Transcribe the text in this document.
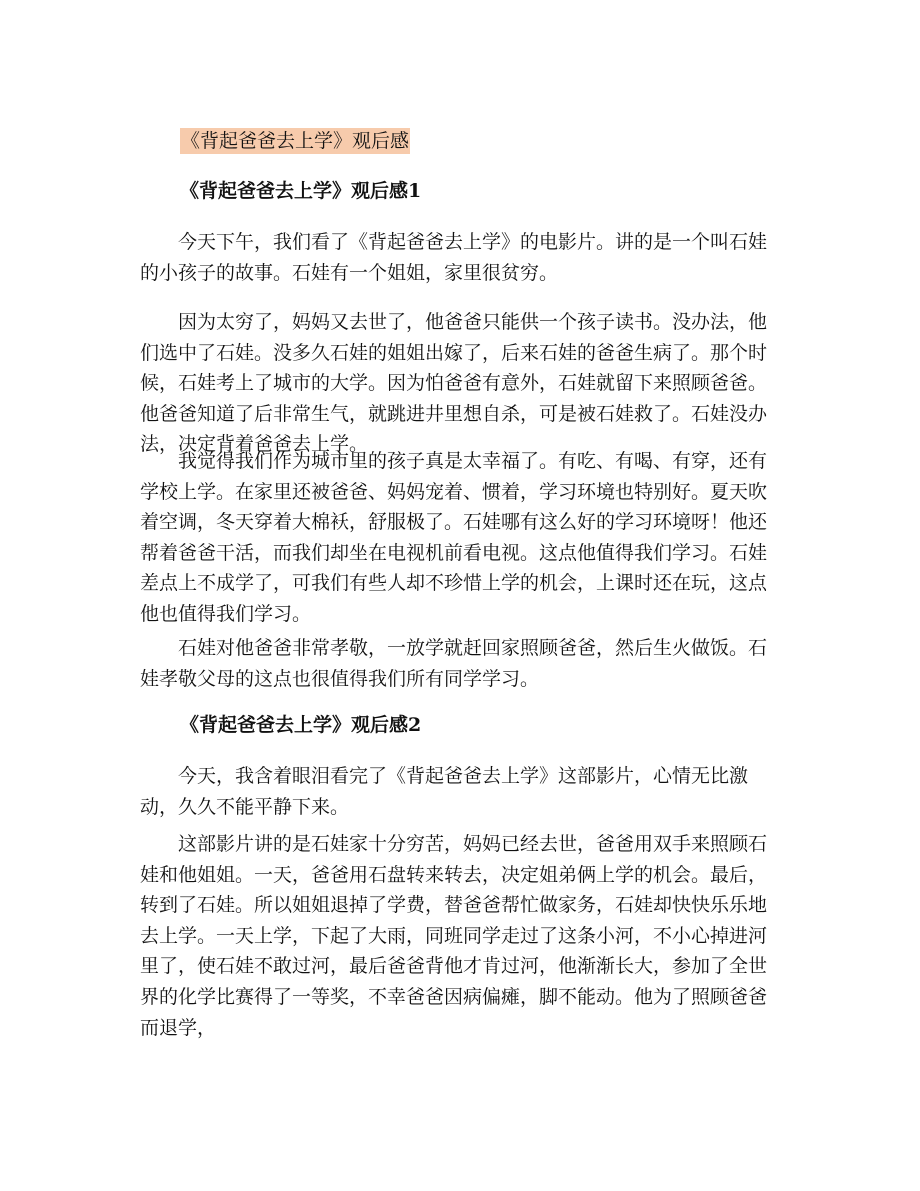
《背起爸爸去上学》观后感
《背起爸爸去上学》观后感1

今天下午，我们看了《背起爸爸去上学》的电影片。讲的是一个叫石娃的小孩子的故事。石娃有一个姐姐，家里很贫穷。

因为太穷了，妈妈又去世了，他爸爸只能供一个孩子读书。没办法，他们选中了石娃。没多久石娃的姐姐出嫁了，后来石娃的爸爸生病了。那个时候，石娃考上了城市的大学。因为怕爸爸有意外，石娃就留下来照顾爸爸。他爸爸知道了后非常生气，就跳进井里想自杀，可是被石娃救了。石娃没办法，决定背着爸爸去上学。

我觉得我们作为城市里的孩子真是太幸福了。有吃、有喝、有穿，还有学校上学。在家里还被爸爸、妈妈宠着、惯着，学习环境也特别好。夏天吹着空调，冬天穿着大棉袄，舒服极了。石娃哪有这么好的学习环境呀！他还帮着爸爸干活，而我们却坐在电视机前看电视。这点他值得我们学习。石娃差点上不成学了，可我们有些人却不珍惜上学的机会，上课时还在玩，这点他也值得我们学习。

石娃对他爸爸非常孝敬，一放学就赶回家照顾爸爸，然后生火做饭。石娃孝敬父母的这点也很值得我们所有同学学习。

《背起爸爸去上学》观后感2

今天，我含着眼泪看完了《背起爸爸去上学》这部影片，心情无比激动，久久不能平静下来。

这部影片讲的是石娃家十分穷苦，妈妈已经去世，爸爸用双手来照顾石娃和他姐姐。一天，爸爸用石盘转来转去，决定姐弟俩上学的机会。最后，转到了石娃。所以姐姐退掉了学费，替爸爸帮忙做家务，石娃却快快乐乐地去上学。一天上学，下起了大雨，同班同学走过了这条小河，不小心掉进河里了，使石娃不敢过河，最后爸爸背他才肯过河，他渐渐长大，参加了全世界的化学比赛得了一等奖，不幸爸爸因病偏瘫，脚不能动。他为了照顾爸爸而退学，
